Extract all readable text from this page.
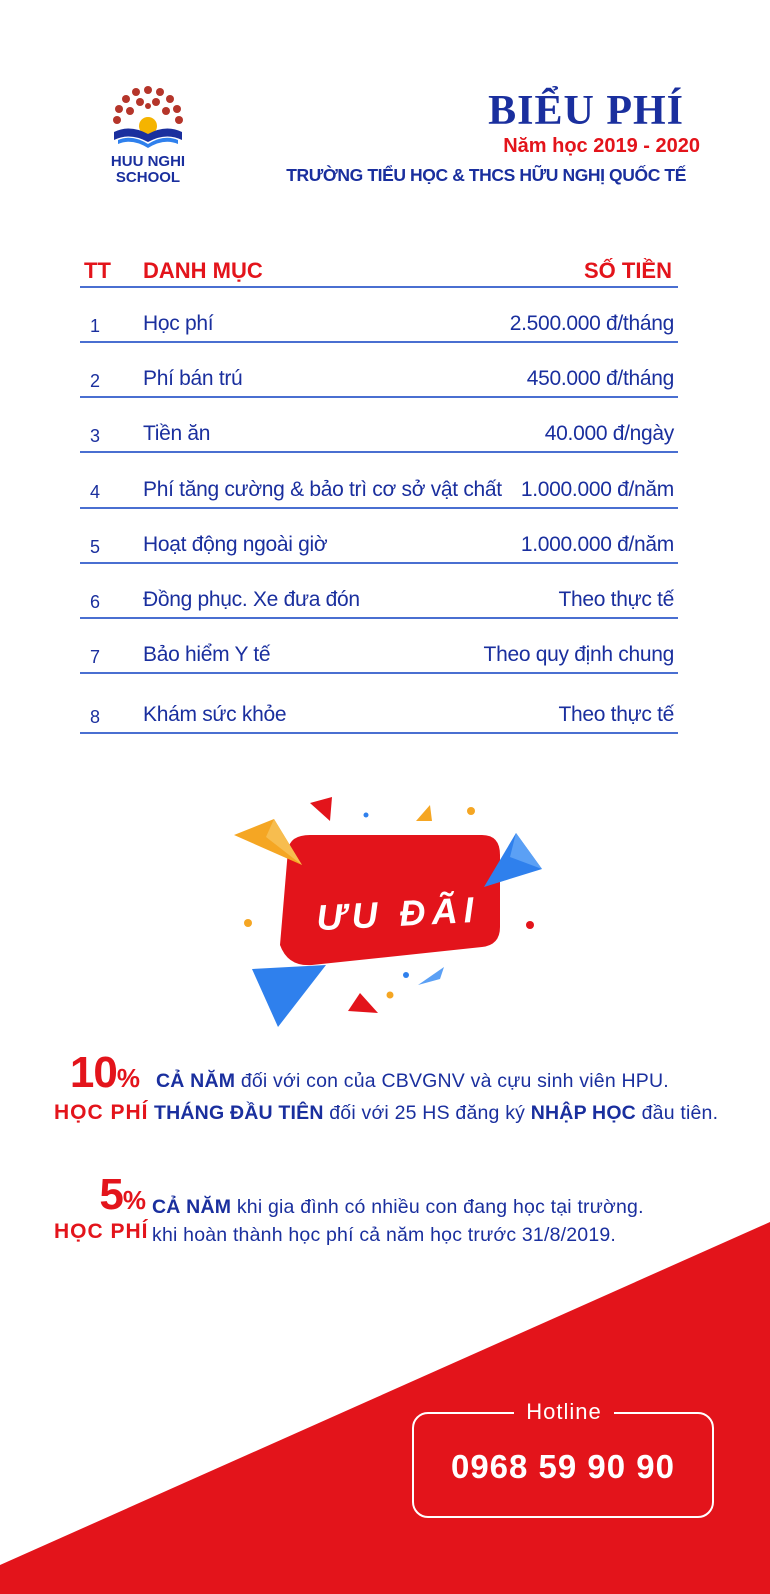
HUU NGHI
SCHOOL
BIỂU PHÍ
Năm học 2019 - 2020
TRƯỜNG TIỂU HỌC & THCS HỮU NGHỊ QUỐC TẾ
TT DANH MỤC	SỐ TIỀN
1 Học phí	2.500.000 đ/tháng
2 Phí bán trú	450.000 đ/tháng
3 Tiền ăn	40.000 đ/ngày
4 Phí tăng cường & bảo trì cơ sở vật chất 1.000.000 đ/năm
5 Hoạt động ngoài giờ	1.000.000 đ/năm
6 Đồng phục. Xe đưa đón	Theo thực tế
7 Bảo hiểm Y tế	Theo quy định chung
8 Khám sức khỏe	Theo thực tế
ƯU ĐÃI
10%
HỌC PHÍ
CẢ NĂM đối với con của CBVGNV và cựu sinh viên HPU.
THÁNG ĐẦU TIÊN đối với 25 HS đăng ký NHẬP HỌC đầu tiên.
5%
HỌC PHÍ
CẢ NĂM khi gia đình có nhiều con đang học tại trường.
khi hoàn thành học phí cả năm học trước 31/8/2019.
Hotline
0968 59 90 90
